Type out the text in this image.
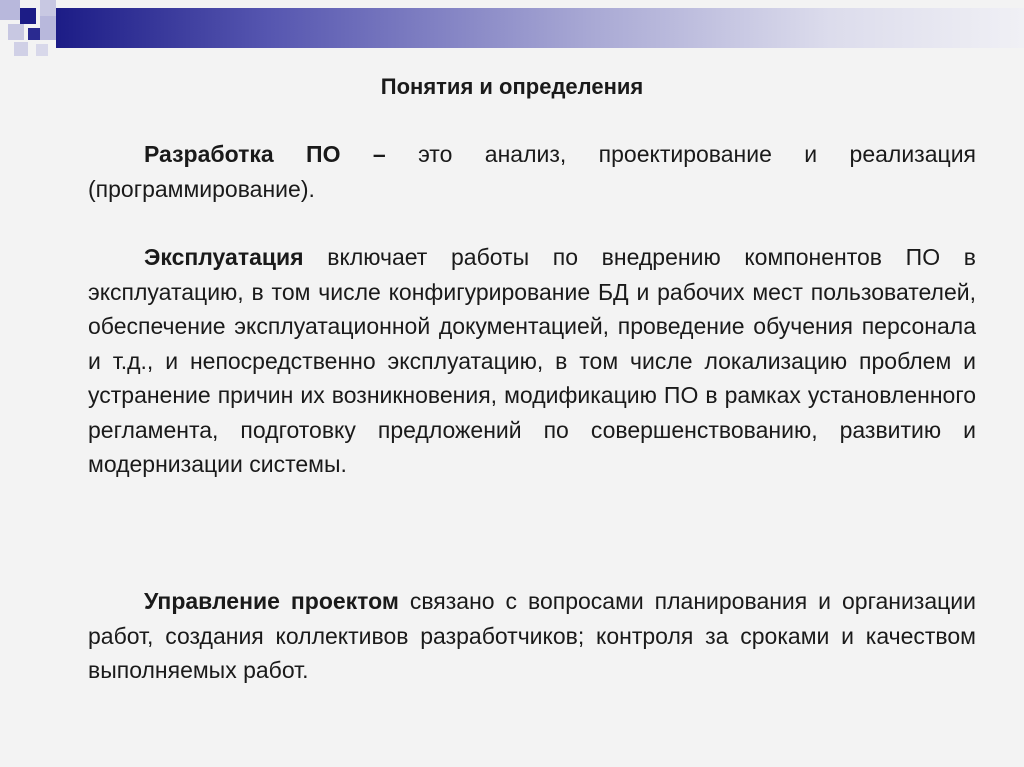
Понятия и определения

Разработка ПО – это анализ, проектирование и реализация (программирование).

Эксплуатация включает работы по внедрению компонентов ПО в эксплуатацию, в том числе конфигурирование БД и рабочих мест пользователей, обеспечение эксплуатационной документацией, проведение обучения персонала и т.д., и непосредственно эксплуатацию, в том числе локализацию проблем и устранение причин их возникновения, модификацию ПО в рамках установленного регламента, подготовку предложений по совершенствованию, развитию и модернизации системы.

Управление проектом связано с вопросами планирования и организации работ, создания коллективов разработчиков; контроля за сроками и качеством выполняемых работ.
